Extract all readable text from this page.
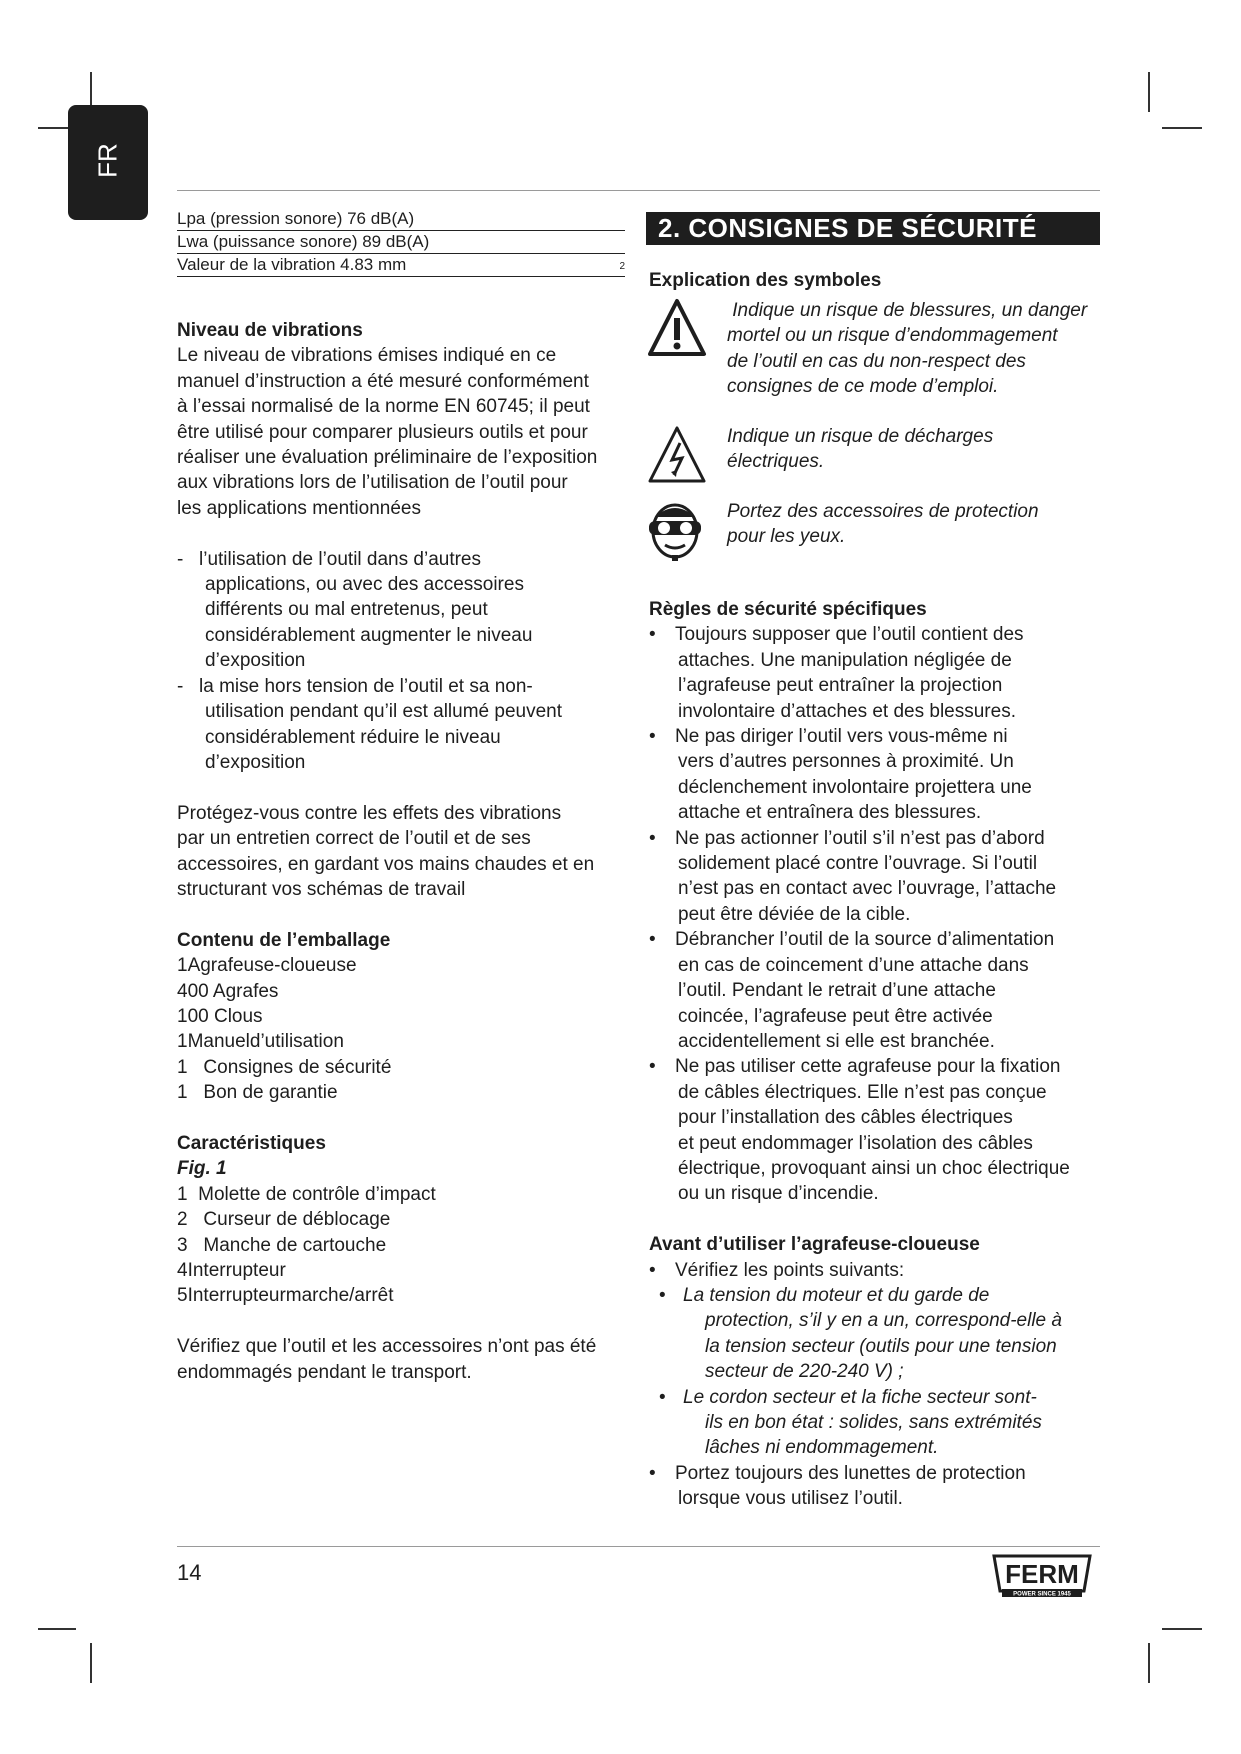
FR
Lpa (pression sonore) 76 dB(A)
Lwa (puissance sonore) 89 dB(A)
Valeur de la vibration 4.83 mm	2

Niveau de vibrations

Le niveau de vibrations émises indiqué en ce

manuel d’instruction a été mesuré conformément

à l’essai normalisé de la norme EN 60745; il peut

être utilisé pour comparer plusieurs outils et pour

réaliser une évaluation préliminaire de l’exposition

aux vibrations lors de l’utilisation de l’outil pour

les applications mentionnées

- l’utilisation de l’outil dans d’autres

applications, ou avec des accessoires

différents ou mal entretenus, peut

considérablement augmenter le niveau

d’exposition

- la mise hors tension de l’outil et sa non-

utilisation pendant qu’il est allumé peuvent

considérablement réduire le niveau

d’exposition

Protégez-vous contre les effets des vibrations

par un entretien correct de l’outil et de ses

accessoires, en gardant vos mains chaudes et en

structurant vos schémas de travail

Contenu de l’emballage

1Agrafeuse-cloueuse

400 Agrafes

100 Clous

1Manueld’utilisation

1   Consignes de sécurité

1   Bon de garantie

Caractéristiques

Fig. 1

1  Molette de contrôle d’impact

2   Curseur de déblocage

3   Manche de cartouche

4Interrupteur

5Interrupteurmarche/arrêt

Vérifiez que l’outil et les accessoires n’ont pas été

endommagés pendant le transport.

2. CONSIGNES DE SÉCURITÉ

Explication des symboles

Indique un risque de blessures, un danger

mortel ou un risque d’endommagement

de l’outil en cas du non-respect des

consignes de ce mode d’emploi.

Indique un risque de décharges

électriques.

Portez des accessoires de protection

pour les yeux.

Règles de sécurité spécifiques

•	Toujours supposer que l’outil contient des

attaches. Une manipulation négligée de

l’agrafeuse peut entraîner la projection

involontaire d’attaches et des blessures.

•	Ne pas diriger l’outil vers vous-même ni

vers d’autres personnes à proximité. Un

déclenchement involontaire projettera une

attache et entraînera des blessures.

•	Ne pas actionner l’outil s’il n’est pas d’abord

solidement placé contre l’ouvrage. Si l’outil

n’est pas en contact avec l’ouvrage, l’attache

peut être déviée de la cible.

•	Débrancher l’outil de la source d’alimentation

en cas de coincement d’une attache dans

l’outil. Pendant le retrait d’une attache

coincée, l’agrafeuse peut être activée

accidentellement si elle est branchée.

•	Ne pas utiliser cette agrafeuse pour la fixation

de câbles électriques. Elle n’est pas conçue

pour l’installation des câbles électriques

et peut endommager l’isolation des câbles

électrique, provoquant ainsi un choc électrique

ou un risque d’incendie.

Avant d’utiliser l’agrafeuse-cloueuse

•	Vérifiez les points suivants:

• La tension du moteur et du garde de

protection, s’il y en a un, correspond-elle à

la tension secteur (outils pour une tension

secteur de 220-240 V) ;

• Le cordon secteur et la fiche secteur sont-

ils en bon état : solides, sans extrémités

lâches ni endommagement.

•	Portez toujours des lunettes de protection

lorsque vous utilisez l’outil.

14	FERM
POWER SINCE 1945
